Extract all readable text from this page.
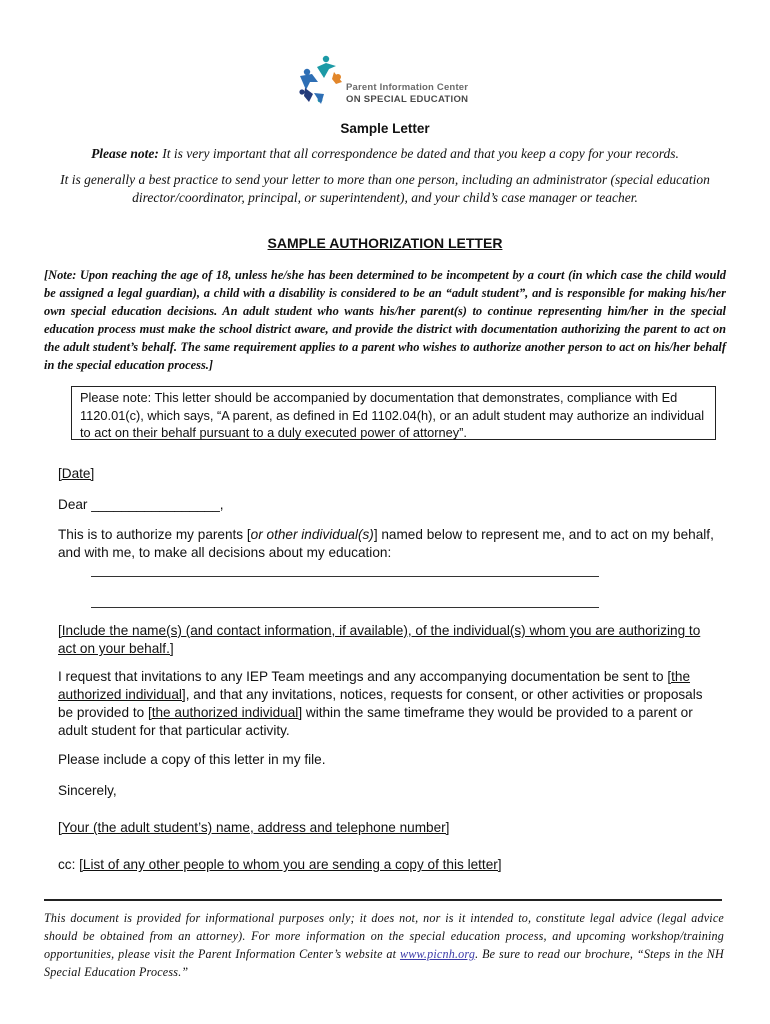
Parent Information Center
ON SPECIAL EDUCATION
Sample Letter
Please note: It is very important that all correspondence be dated and that you keep a copy for your records.
It is generally a best practice to send your letter to more than one person, including an administrator (special education director/coordinator, principal, or superintendent), and your child’s case manager or teacher.
SAMPLE AUTHORIZATION LETTER
[Note: Upon reaching the age of 18, unless he/she has been determined to be incompetent by a court (in which case the child would be assigned a legal guardian), a child with a disability is considered to be an “adult student”, and is responsible for making his/her own special education decisions. An adult student who wants his/her parent(s) to continue representing him/her in the special education process must make the school district aware, and provide the district with documentation authorizing the parent to act on the adult student’s behalf. The same requirement applies to a parent who wishes to authorize another person to act on his/her behalf in the special education process.]
Please note: This letter should be accompanied by documentation that demonstrates, compliance with Ed 1120.01(c), which says, “A parent, as defined in Ed 1102.04(h), or an adult student may authorize an individual to act on their behalf pursuant to a duly executed power of attorney”.
[Date]
Dear _________________,
This is to authorize my parents [or other individual(s)] named below to represent me, and to act on my behalf, and with me, to make all decisions about my education:
[Include the name(s) (and contact information, if available), of the individual(s) whom you are authorizing to act on your behalf.]
I request that invitations to any IEP Team meetings and any accompanying documentation be sent to [the authorized individual], and that any invitations, notices, requests for consent, or other activities or proposals be provided to [the authorized individual] within the same timeframe they would be provided to a parent or adult student for that particular activity.
Please include a copy of this letter in my file.
Sincerely,
[Your (the adult student’s) name, address and telephone number]
cc: [List of any other people to whom you are sending a copy of this letter]
This document is provided for informational purposes only; it does not, nor is it intended to, constitute legal advice (legal advice should be obtained from an attorney). For more information on the special education process, and upcoming workshop/training opportunities, please visit the Parent Information Center’s website at www.picnh.org. Be sure to read our brochure, “Steps in the NH Special Education Process.”
